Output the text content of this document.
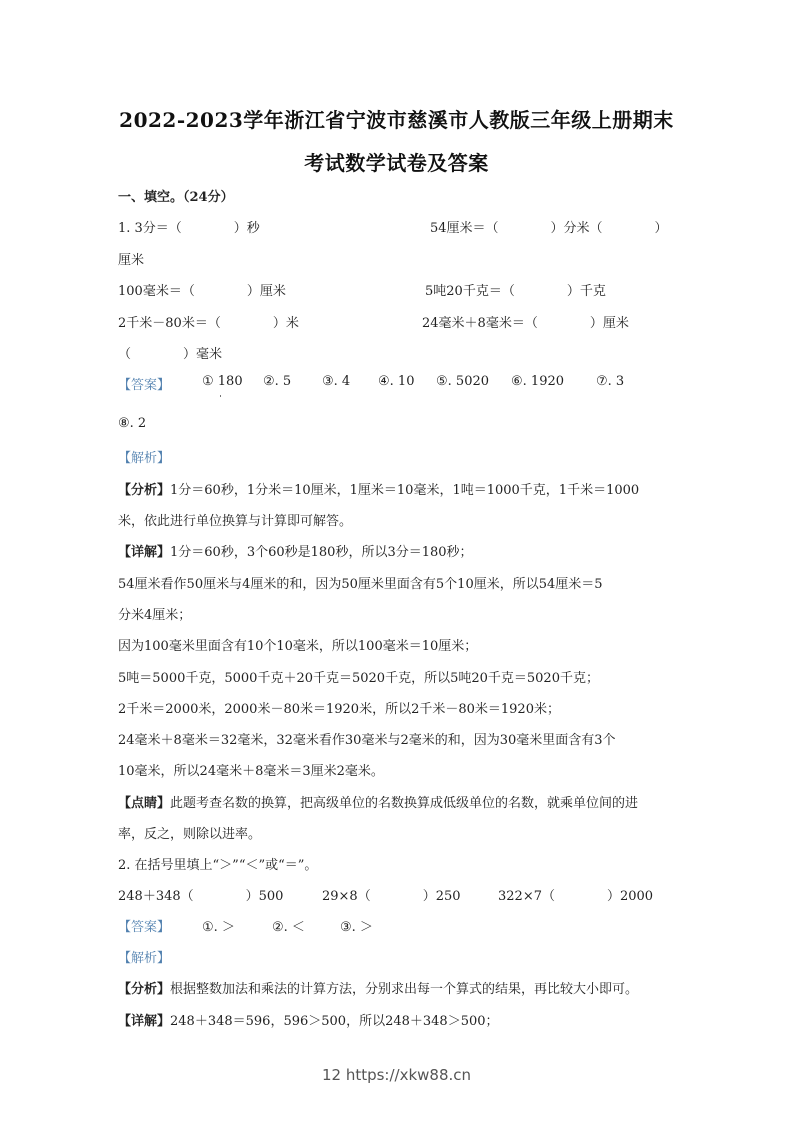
2022-2023学年浙江省宁波市慈溪市人教版三年级上册期末
考试数学试卷及答案
一、填空。（24分）
1. 3分＝（　　　　）秒	54厘米＝（　　　　）分米（　　　　）
厘米
100毫米＝（　　　　）厘米	5吨20千克＝（　　　　）千克
2千米－80米＝（　　　　）米	24毫米＋8毫米＝（　　　　）厘米
（　　　　）毫米
【答案】 ① 180 ②. 5 ③. 4 ④. 10 ⑤. 5020 ⑥. 1920 ⑦. 3
⑧. 2
【解析】
【分析】1分＝60秒，1分米＝10厘米，1厘米＝10毫米，1吨＝1000千克，1千米＝1000
米，依此进行单位换算与计算即可解答。
【详解】1分＝60秒，3个60秒是180秒，所以3分＝180秒；
54厘米看作50厘米与4厘米的和，因为50厘米里面含有5个10厘米，所以54厘米＝5
分米4厘米；
因为100毫米里面含有10个10毫米，所以100毫米＝10厘米；
5吨＝5000千克，5000千克＋20千克＝5020千克，所以5吨20千克＝5020千克；
2千米＝2000米，2000米－80米＝1920米，所以2千米－80米＝1920米；
24毫米＋8毫米＝32毫米，32毫米看作30毫米与2毫米的和，因为30毫米里面含有3个
10毫米，所以24毫米＋8毫米＝3厘米2毫米。
【点睛】此题考查名数的换算，把高级单位的名数换算成低级单位的名数，就乘单位间的进
率，反之，则除以进率。
2. 在括号里填上“＞”“＜”或“＝”。
248＋348（　　　　）500	29×8（　　　　）250	322×7（　　　　）2000
【答案】 ①. ＞	②. ＜	③. ＞
【解析】
【分析】根据整数加法和乘法的计算方法，分别求出每一个算式的结果，再比较大小即可。
【详解】248＋348＝596，596＞500，所以248＋348＞500；
12 https://xkw88.cn
